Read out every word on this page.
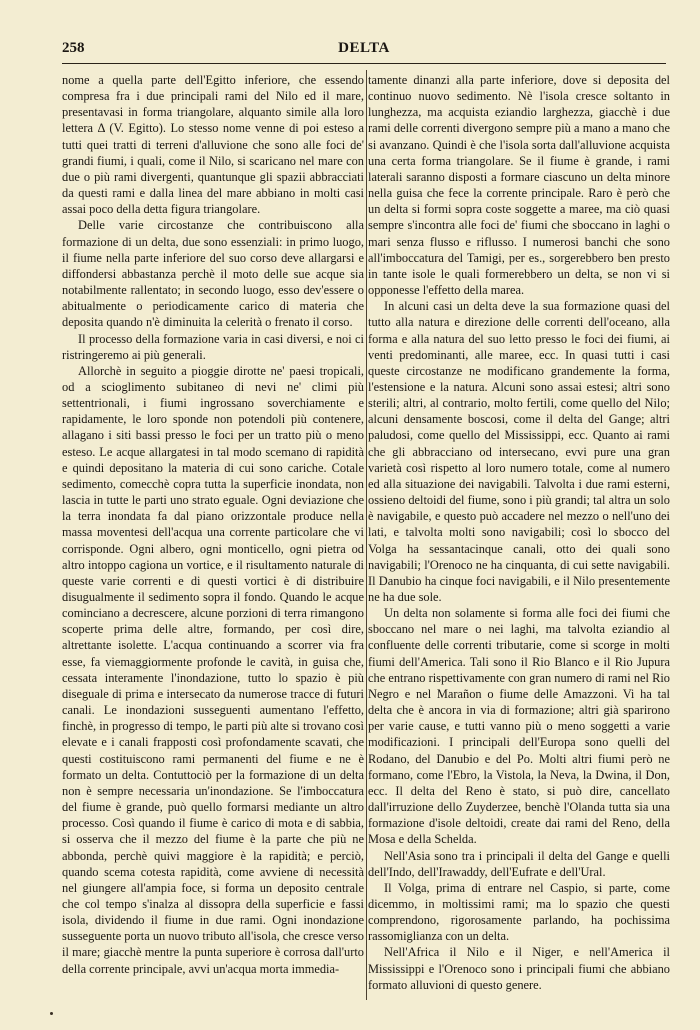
258	DELTA

nome a quella parte dell'Egitto inferiore, che essendo compresa fra i due principali rami del Nilo ed il mare, presentavasi in forma triangolare, alquanto simile alla loro lettera Δ (V. Egitto). Lo stesso nome venne di poi esteso a tutti quei tratti di terreni d'alluvione che sono alle foci de' grandi fiumi, i quali, come il Nilo, si scaricano nel mare con due o più rami divergenti, quantunque gli spazii abbracciati da questi rami e dalla linea del mare abbiano in molti casi assai poco della detta figura triangolare.

Delle varie circostanze che contribuiscono alla formazione di un delta, due sono essenziali: in primo luogo, il fiume nella parte inferiore del suo corso deve allargarsi e diffondersi abbastanza perchè il moto delle sue acque sia notabilmente rallentato; in secondo luogo, esso dev'essere o abitualmente o periodicamente carico di materia che deposita quando n'è diminuita la celerità o frenato il corso.

Il processo della formazione varia in casi diversi, e noi ci ristringeremo ai più generali.

Allorchè in seguito a pioggie dirotte ne' paesi tropicali, od a scioglimento subitaneo di nevi ne' climi più settentrionali, i fiumi ingrossano soverchiamente e rapidamente, le loro sponde non potendoli più contenere, allagano i siti bassi presso le foci per un tratto più o meno esteso. Le acque allargatesi in tal modo scemano di rapidità e quindi depositano la materia di cui sono cariche. Cotale sedimento, comecchè copra tutta la superficie inondata, non lascia in tutte le parti uno strato eguale. Ogni deviazione che la terra inondata fa dal piano orizzontale produce nella massa moventesi dell'acqua una corrente particolare che vi corrisponde. Ogni albero, ogni monticello, ogni pietra od altro intoppo cagiona un vortice, e il risultamento naturale di queste varie correnti e di questi vortici è di distribuire disugualmente il sedimento sopra il fondo. Quando le acque cominciano a decrescere, alcune porzioni di terra rimangono scoperte prima delle altre, formando, per così dire, altrettante isolette. L'acqua continuando a scorrer via fra esse, fa viemaggiormente profonde le cavità, in guisa che, cessata interamente l'inondazione, tutto lo spazio è più diseguale di prima e intersecato da numerose tracce di futuri canali. Le inondazioni susseguenti aumentano l'effetto, finchè, in progresso di tempo, le parti più alte si trovano così elevate e i canali frapposti così profondamente scavati, che questi costituiscono rami permanenti del fiume e ne è formato un delta. Contuttociò per la formazione di un delta non è sempre necessaria un'inondazione. Se l'imboccatura del fiume è grande, può quello formarsi mediante un altro processo. Così quando il fiume è carico di mota e di sabbia, si osserva che il mezzo del fiume è la parte che più ne abbonda, perchè quivi maggiore è la rapidità; e perciò, quando scema cotesta rapidità, come avviene di necessità nel giungere all'ampia foce, si forma un deposito centrale che col tempo s'inalza al dissopra della superficie e fassi isola, dividendo il fiume in due rami. Ogni inondazione susseguente porta un nuovo tributo all'isola, che cresce verso il mare; giacchè mentre la punta superiore è corrosa dall'urto della corrente principale, avvi un'acqua morta immedia-

tamente dinanzi alla parte inferiore, dove si deposita del continuo nuovo sedimento. Nè l'isola cresce soltanto in lunghezza, ma acquista eziandio larghezza, giacchè i due rami delle correnti divergono sempre più a mano a mano che si avanzano. Quindi è che l'isola sorta dall'alluvione acquista una certa forma triangolare. Se il fiume è grande, i rami laterali saranno disposti a formare ciascuno un delta minore nella guisa che fece la corrente principale. Raro è però che un delta si formi sopra coste soggette a maree, ma ciò quasi sempre s'incontra alle foci de' fiumi che sboccano in laghi o mari senza flusso e riflusso. I numerosi banchi che sono all'imboccatura del Tamigi, per es., sorgerebbero ben presto in tante isole le quali formerebbero un delta, se non vi si opponesse l'effetto della marea.

In alcuni casi un delta deve la sua formazione quasi del tutto alla natura e direzione delle correnti dell'oceano, alla forma e alla natura del suo letto presso le foci dei fiumi, ai venti predominanti, alle maree, ecc. In quasi tutti i casi queste circostanze ne modificano grandemente la forma, l'estensione e la natura. Alcuni sono assai estesi; altri sono sterili; altri, al contrario, molto fertili, come quello del Nilo; alcuni densamente boscosi, come il delta del Gange; altri paludosi, come quello del Mississippi, ecc. Quanto ai rami che gli abbracciano od intersecano, evvi pure una gran varietà così rispetto al loro numero totale, come al numero ed alla situazione dei navigabili. Talvolta i due rami esterni, ossieno deltoidi del fiume, sono i più grandi; tal altra un solo è navigabile, e questo può accadere nel mezzo o nell'uno dei lati, e talvolta molti sono navigabili; così lo sbocco del Volga ha sessantacinque canali, otto dei quali sono navigabili; l'Orenoco ne ha cinquanta, di cui sette navigabili. Il Danubio ha cinque foci navigabili, e il Nilo presentemente ne ha due sole.

Un delta non solamente si forma alle foci dei fiumi che sboccano nel mare o nei laghi, ma talvolta eziandio al confluente delle correnti tributarie, come si scorge in molti fiumi dell'America. Tali sono il Rio Blanco e il Rio Jupura che entrano rispettivamente con gran numero di rami nel Rio Negro e nel Marañon o fiume delle Amazzoni. Vi ha tal delta che è ancora in via di formazione; altri già sparirono per varie cause, e tutti vanno più o meno soggetti a varie modificazioni. I principali dell'Europa sono quelli del Rodano, del Danubio e del Po. Molti altri fiumi però ne formano, come l'Ebro, la Vistola, la Neva, la Dwina, il Don, ecc. Il delta del Reno è stato, si può dire, cancellato dall'irruzione dello Zuyderzee, benchè l'Olanda tutta sia una formazione d'isole deltoidi, create dai rami del Reno, della Mosa e della Schelda.

Nell'Asia sono tra i principali il delta del Gange e quelli dell'Indo, dell'Irawaddy, dell'Eufrate e dell'Ural.

Il Volga, prima di entrare nel Caspio, si parte, come dicemmo, in moltissimi rami; ma lo spazio che questi comprendono, rigorosamente parlando, ha pochissima rassomiglianza con un delta.

Nell'Africa il Nilo e il Niger, e nell'America il Mississippi e l'Orenoco sono i principali fiumi che abbiano formato alluvioni di questo genere.
